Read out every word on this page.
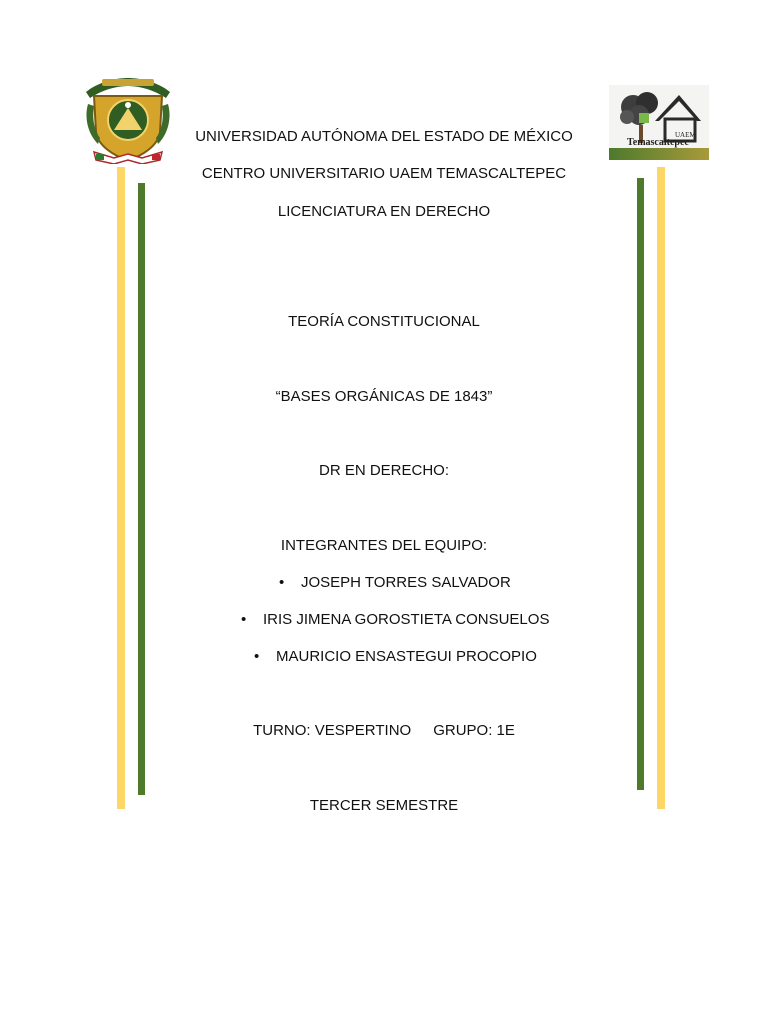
UAEM
Temascaltepec
UNIVERSIDAD AUTÓNOMA DEL ESTADO DE MÉXICO
CENTRO UNIVERSITARIO UAEM TEMASCALTEPEC
LICENCIATURA EN DERECHO
TEORÍA CONSTITUCIONAL
“BASES ORGÁNICAS DE 1843”
DR EN DERECHO:
INTEGRANTES DEL EQUIPO:
• JOSEPH TORRES SALVADOR
• IRIS JIMENA GOROSTIETA CONSUELOS
• MAURICIO ENSASTEGUI PROCOPIO
TURNO: VESPERTINO GRUPO: 1E
TERCER SEMESTRE
